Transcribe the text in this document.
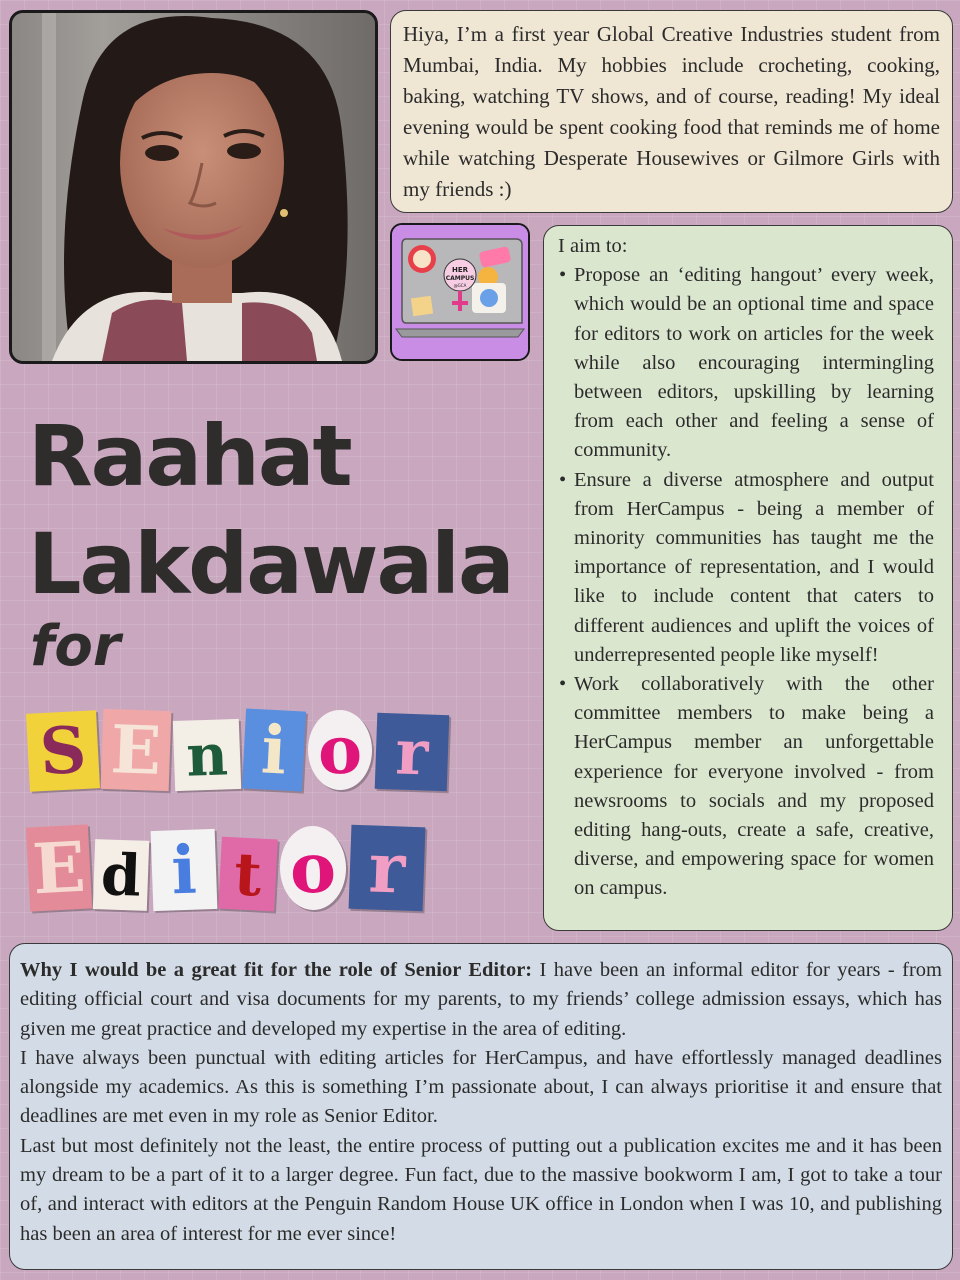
Hiya, I’m a first year Global Creative Industries student from Mumbai, India. My hobbies include crocheting, cooking, baking, watching TV shows, and of course, reading! My ideal evening would be spent cooking food that reminds me of home while watching Desperate Housewives or Gilmore Girls with my friends :)
HER
CAMPUS
@GCA

I aim to:

• Propose an ‘editing hangout’ every week, which would be an optional time and space for editors to work on articles for the week while also encouraging intermingling between editors, upskilling by learning from each other and feeling a sense of community.
• Ensure a diverse atmosphere and output from HerCampus - being a member of minority communities has taught me the importance of representation, and I would like to include content that caters to different audiences and uplift the voices of underrepresented people like myself!
• Work collaboratively with the other committee members to make being a HerCampus member an unforgettable experience for everyone involved - from newsrooms to socials and my proposed editing hang-outs, create a safe, creative, diverse, and empowering space for women on campus.
Raahat
Lakdawala

for

S E n i o r
E d i t o r

Why I would be a great fit for the role of Senior Editor: I have been an informal editor for years - from editing official court and visa documents for my parents, to my friends’ college admission essays, which has given me great practice and developed my expertise in the area of editing.

I have always been punctual with editing articles for HerCampus, and have effortlessly managed deadlines alongside my academics. As this is something I’m passionate about, I can always prioritise it and ensure that deadlines are met even in my role as Senior Editor.

Last but most definitely not the least, the entire process of putting out a publication excites me and it has been my dream to be a part of it to a larger degree. Fun fact, due to the massive bookworm I am, I got to take a tour of, and interact with editors at the Penguin Random House UK office in London when I was 10, and publishing has been an area of interest for me ever since!
